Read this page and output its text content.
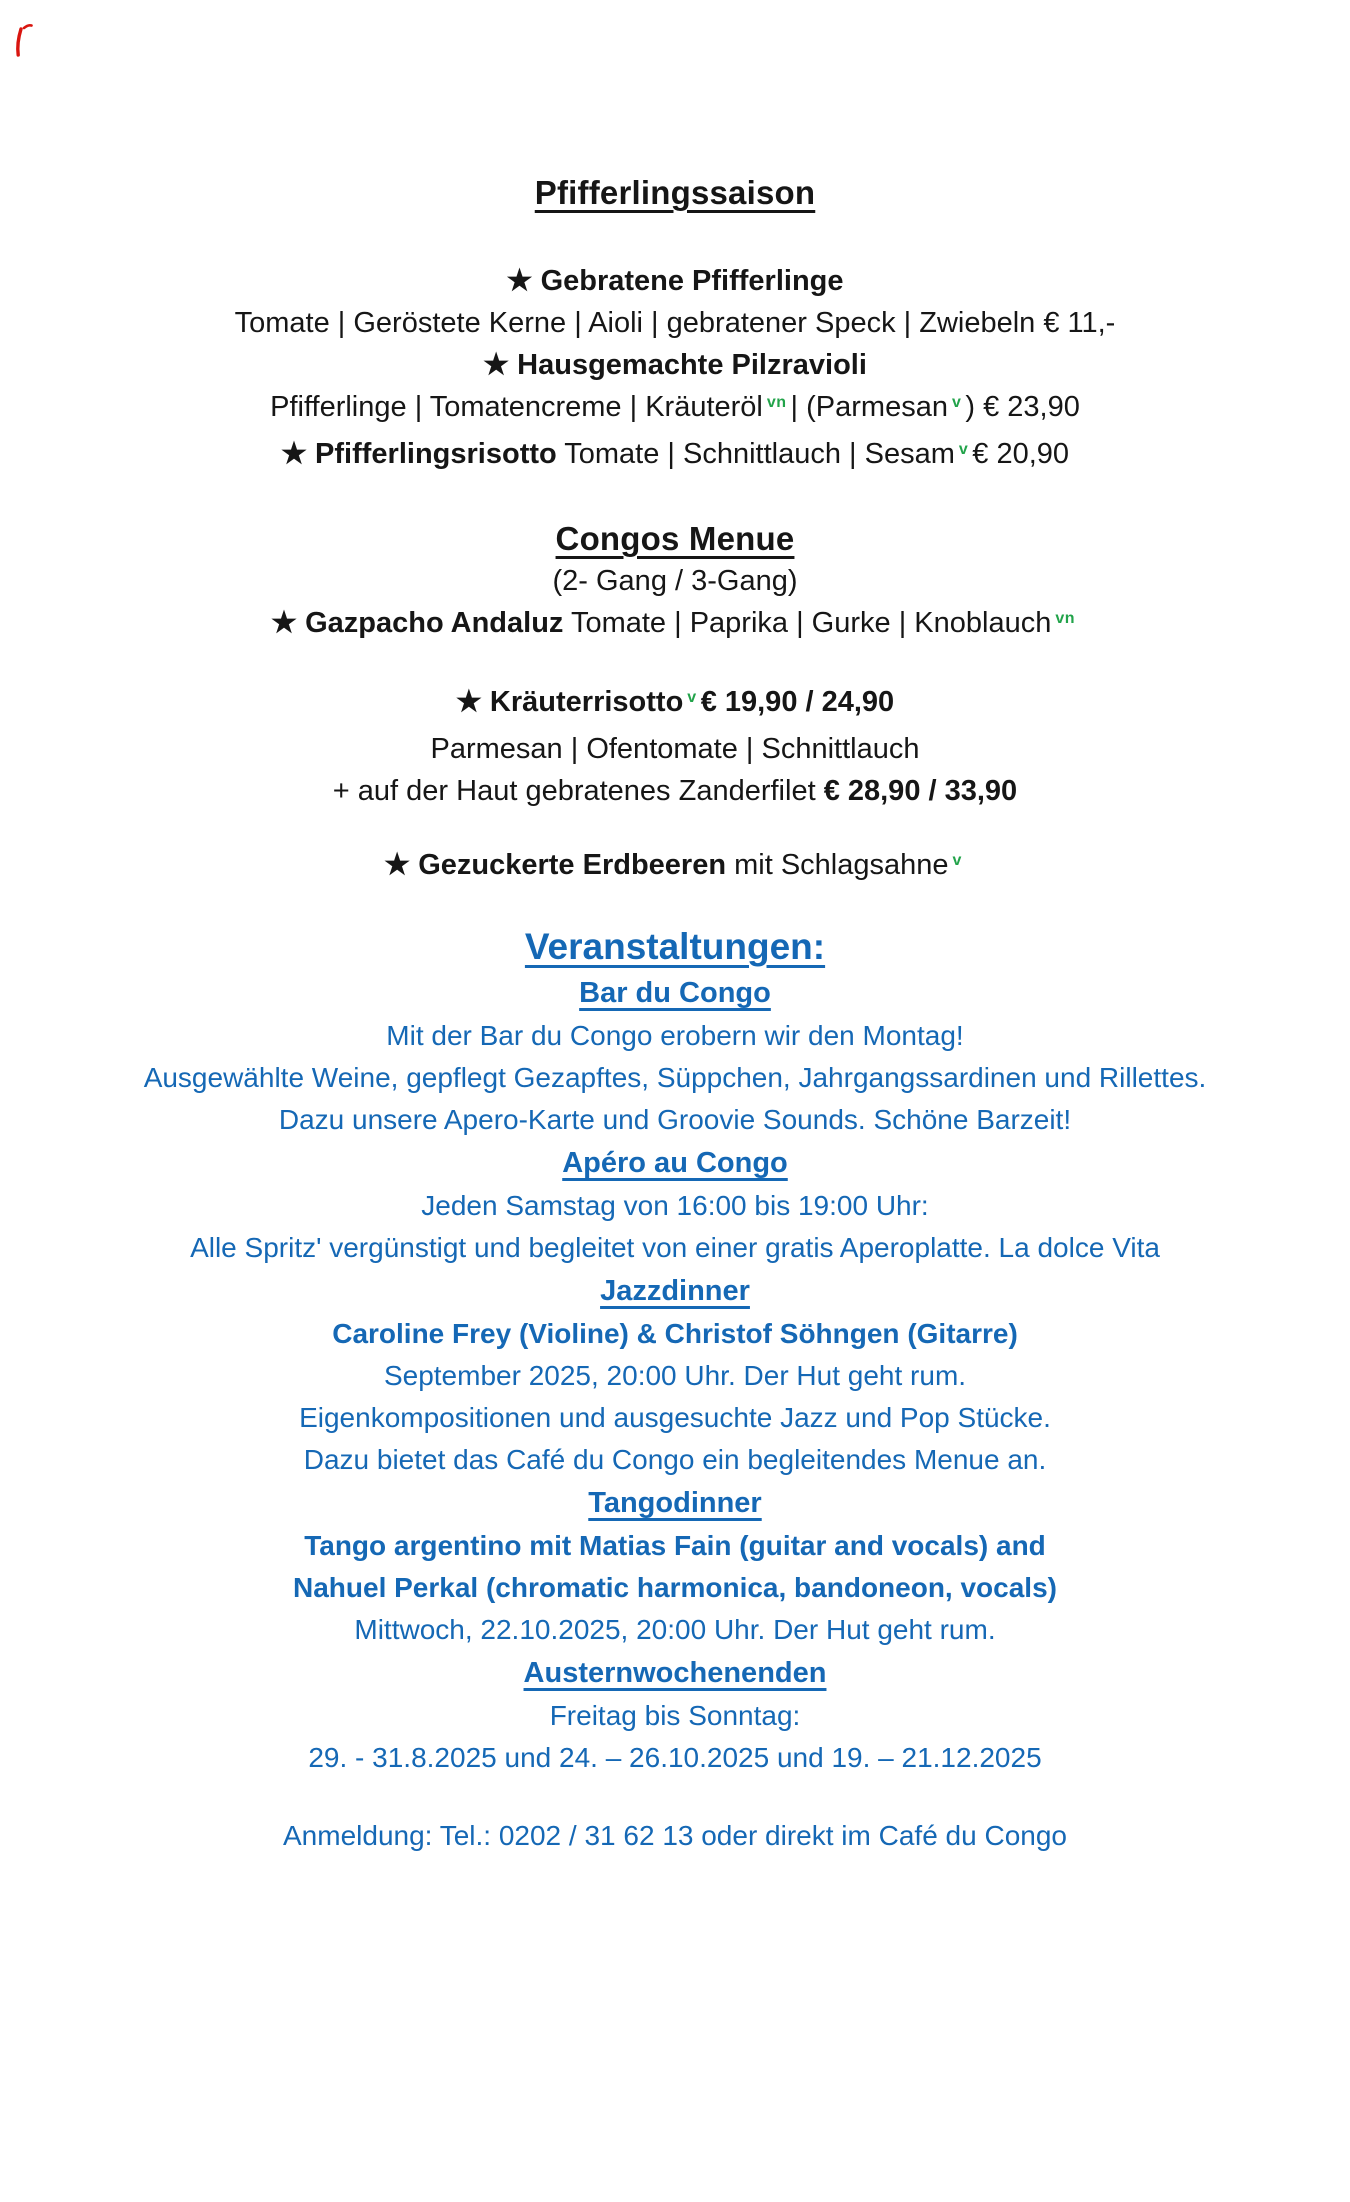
Pfifferlingssaison

★ Gebratene Pfifferlinge

Tomate | Geröstete Kerne | Aioli | gebratener Speck | Zwiebeln € 11,-

★ Hausgemachte Pilzravioli

Pfifferlinge | Tomatencreme | Kräuteröl vn | (Parmesan v ) € 23,90

★ Pfifferlingsrisotto Tomate | Schnittlauch | Sesam v € 20,90

Congos Menue

(2- Gang / 3-Gang)

★ Gazpacho Andaluz Tomate | Paprika | Gurke | Knoblauch vn

★ Kräuterrisotto v € 19,90 / 24,90

Parmesan | Ofentomate | Schnittlauch

+ auf der Haut gebratenes Zanderfilet € 28,90 / 33,90

★ Gezuckerte Erdbeeren mit Schlagsahne v

Veranstaltungen:

Bar du Congo

Mit der Bar du Congo erobern wir den Montag!

Ausgewählte Weine, gepflegt Gezapftes, Süppchen, Jahrgangssardinen und Rillettes.

Dazu unsere Apero-Karte und Groovie Sounds. Schöne Barzeit!

Apéro au Congo

Jeden Samstag von 16:00 bis 19:00 Uhr:

Alle Spritz' vergünstigt und begleitet von einer gratis Aperoplatte. La dolce Vita

Jazzdinner

Caroline Frey (Violine) & Christof Söhngen (Gitarre)

September 2025, 20:00 Uhr. Der Hut geht rum.

Eigenkompositionen und ausgesuchte Jazz und Pop Stücke.

Dazu bietet das Café du Congo ein begleitendes Menue an.

Tangodinner

Tango argentino mit Matias Fain (guitar and vocals) and

Nahuel Perkal (chromatic harmonica, bandoneon, vocals)

Mittwoch, 22.10.2025, 20:00 Uhr. Der Hut geht rum.

Austernwochenenden

Freitag bis Sonntag:

29. - 31.8.2025 und 24. – 26.10.2025 und 19. – 21.12.2025

Anmeldung: Tel.: 0202 / 31 62 13 oder direkt im Café du Congo
